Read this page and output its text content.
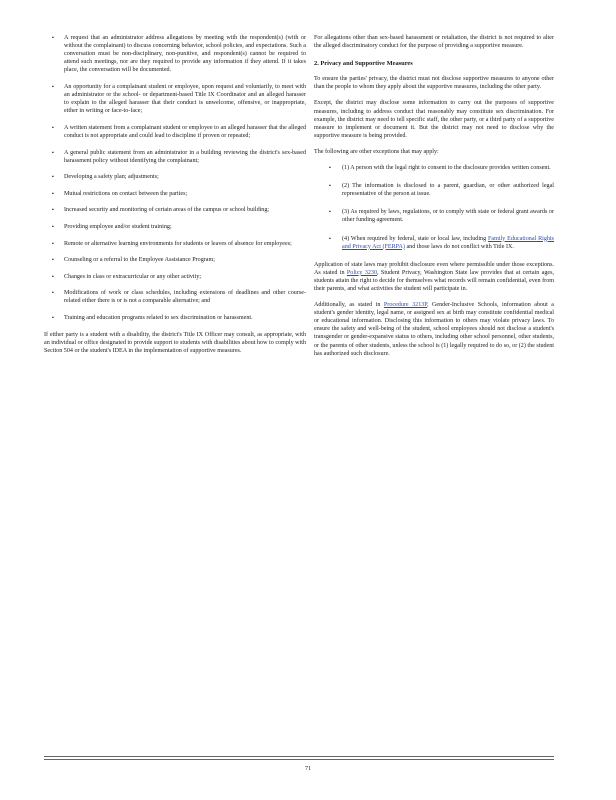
▪ A request that an administrator address allegations by meeting with the respondent(s) (with or without the complainant) to discuss concerning behavior, school policies, and expectations. Such a conversation must be non-disciplinary, non-punitive, and respondent(s) cannot be required to attend such meetings, nor are they required to provide any information if they attend. If it takes place, the conversation will be documented.
▪ An opportunity for a complainant student or employee, upon request and voluntarily, to meet with an administrator or the school- or department-based Title IX Coordinator and an alleged harasser to explain to the alleged harasser that their conduct is unwelcome, offensive, or inappropriate, either in writing or face-to-face;
▪ A written statement from a complainant student or employee to an alleged harasser that the alleged conduct is not appropriate and could lead to discipline if proven or repeated;
▪ A general public statement from an administrator in a building reviewing the district's sex-based harassment policy without identifying the complainant;
▪ Developing a safety plan; adjustments;
▪ Mutual restrictions on contact between the parties;
▪ Increased security and monitoring of certain areas of the campus or school building;
▪ Providing employee and/or student training;
▪ Remote or alternative learning environments for students or leaves of absence for employees;
▪ Counseling or a referral to the Employee Assistance Program;
▪ Changes in class or extracurricular or any other activity;
▪ Modifications of work or class schedules, including extensions of deadlines and other course-related either there is or is not a comparable alternative; and
▪ Training and education programs related to sex discrimination or harassment.

If either party is a student with a disability, the district's Title IX Officer may consult, as appropriate, with an individual or office designated to provide support to students with disabilities about how to comply with Section 504 or the student's IDEA in the implementation of supportive measures.

For allegations other than sex-based harassment or retaliation, the district is not required to alter the alleged discriminatory conduct for the purpose of providing a supportive measure.

2. Privacy and Supportive Measures

To ensure the parties' privacy, the district must not disclose supportive measures to anyone other than the people to whom they apply about the supportive measures, including the other party.

Except, the district may disclose some information to carry out the purposes of supportive measures, including to address conduct that reasonably may constitute sex discrimination. For example, the district may need to tell specific staff, the other party, or a third party of a supportive measure to implement or document it. But the district may not need to disclose why the supportive measure is being provided.

The following are other exceptions that may apply:

▪ (1) A person with the legal right to consent to the disclosure provides written consent.
▪ (2) The information is disclosed to a parent, guardian, or other authorized legal representative of the person at issue.
▪ (3) As required by laws, regulations, or to comply with state or federal grant awards or other funding agreement.
▪ (4) When required by federal, state or local law, including Family Educational Rights and Privacy Act (FERPA) and those laws do not conflict with Title IX.

Application of state laws may prohibit disclosure even where permissible under those exceptions. As stated in Policy 3230, Student Privacy, Washington State law provides that at certain ages, students attain the right to decide for themselves what records will remain confidential, even from their parents, and what activities the student will participate in.

Additionally, as stated in Procedure 3213P, Gender-Inclusive Schools, information about a student's gender identity, legal name, or assigned sex at birth may constitute confidential medical or educational information. Disclosing this information to others may violate privacy laws. To ensure the safety and well-being of the student, school employees should not disclose a student's transgender or gender-expansive status to others, including other school personnel, other students, or the parents of other students, unless the school is (1) legally required to do so, or (2) the student has authorized such disclosure.

71
